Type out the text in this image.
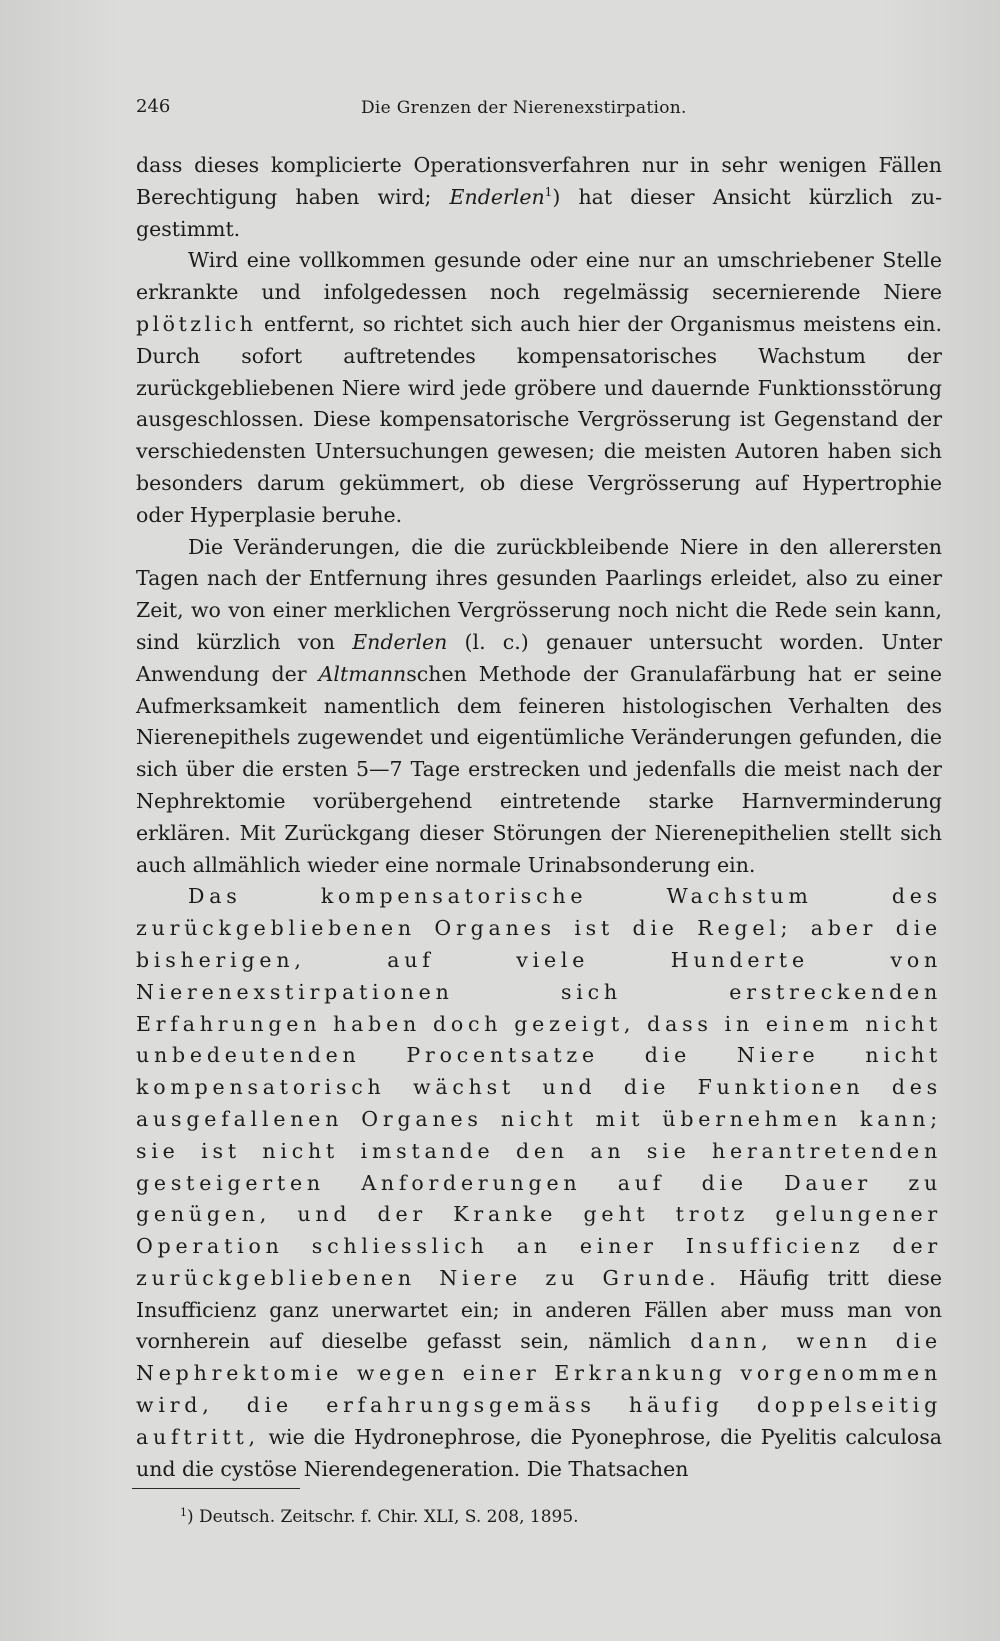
246	Die Grenzen der Nierenexstirpation.

dass dieses komplicierte Operationsverfahren nur in sehr wenigen Fällen Berechtigung haben wird; Enderlen$^1$) hat dieser Ansicht kürzlich zugestimmt.

Wird eine vollkommen gesunde oder eine nur an umschriebener Stelle erkrankte und infolgedessen noch regelmässig secernierende Niere plötzlich entfernt, so richtet sich auch hier der Organismus meistens ein. Durch sofort auftretendes kompensatorisches Wachstum der zurückgebliebenen Niere wird jede gröbere und dauernde Funktionsstörung ausgeschlossen. Diese kompensatorische Vergrösserung ist Gegenstand der verschiedensten Untersuchungen gewesen; die meisten Autoren haben sich besonders darum gekümmert, ob diese Vergrösserung auf Hypertrophie oder Hyperplasie beruhe.

Die Veränderungen, die die zurückbleibende Niere in den allerersten Tagen nach der Entfernung ihres gesunden Paarlings erleidet, also zu einer Zeit, wo von einer merklichen Vergrösserung noch nicht die Rede sein kann, sind kürzlich von Enderlen (l. c.) genauer untersucht worden. Unter Anwendung der Altmannschen Methode der Granulafärbung hat er seine Aufmerksamkeit namentlich dem feineren histologischen Verhalten des Nierenepithels zugewendet und eigentümliche Veränderungen gefunden, die sich über die ersten 5—7 Tage erstrecken und jedenfalls die meist nach der Nephrektomie vorübergehend eintretende starke Harnverminderung erklären. Mit Zurückgang dieser Störungen der Nierenepithelien stellt sich auch allmählich wieder eine normale Urinabsonderung ein.

Das kompensatorische Wachstum des zurückgebliebenen Organes ist die Regel; aber die bisherigen, auf viele Hunderte von Nierenexstirpationen sich erstreckenden Erfahrungen haben doch gezeigt, dass in einem nicht unbedeutenden Procentsatze die Niere nicht kompensatorisch wächst und die Funktionen des ausgefallenen Organes nicht mit übernehmen kann; sie ist nicht imstande den an sie herantretenden gesteigerten Anforderungen auf die Dauer zu genügen, und der Kranke geht trotz gelungener Operation schliesslich an einer Insufficienz der zurückgebliebenen Niere zu Grunde. Häufig tritt diese Insufficienz ganz unerwartet ein; in anderen Fällen aber muss man von vornherein auf dieselbe gefasst sein, nämlich dann, wenn die Nephrektomie wegen einer Erkrankung vorgenommen wird, die erfahrungsgemäss häufig doppelseitig auftritt, wie die Hydronephrose, die Pyonephrose, die Pyelitis calculosa und die cystöse Nierendegeneration. Die Thatsachen

$^1$) Deutsch. Zeitschr. f. Chir. XLI, S. 208, 1895.
